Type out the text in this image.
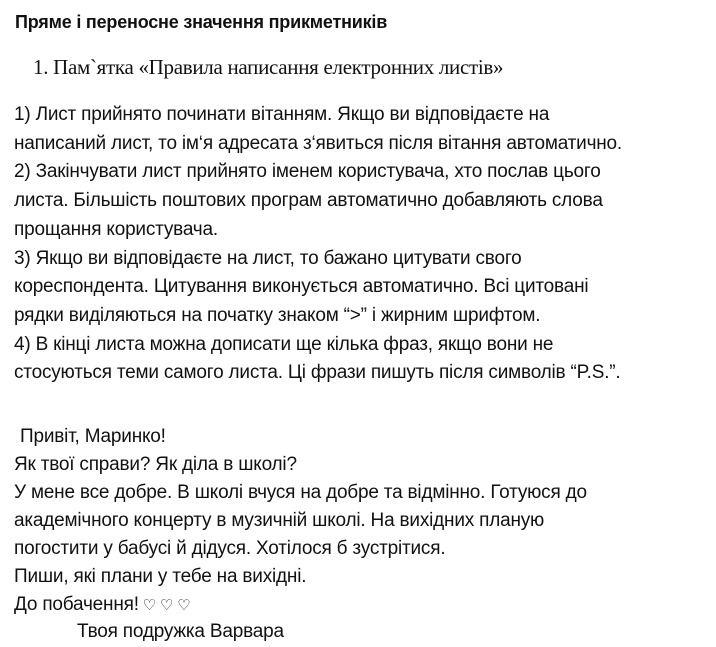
Пряме і переносне значення прикметників
1. Пам`ятка «Правила написання електронних листів»
1) Лист прийнято починати вітанням. Якщо ви відповідаєте на
написаний лист, то ім‘я адресата з‘явиться після вітання автоматично.
2) Закінчувати лист прийнято іменем користувача, хто послав цього
листа. Більшість поштових програм автоматично добавляють слова
прощання користувача.
3) Якщо ви відповідаєте на лист, то бажано цитувати свого
кореспондента. Цитування виконується автоматично. Всі цитовані
рядки виділяються на початку знаком “>” і жирним шрифтом.
4) В кінці листа можна дописати ще кілька фраз, якщо вони не
стосуються теми самого листа. Ці фрази пишуть після символів “P.S.”.
Привіт, Маринко!
Як твої справи? Як діла в школі?
У мене все добре. В школі вчуся на добре та відмінно. Готуюся до
академічного концерту в музичній школі. На вихідних планую
погостити у бабусі й дідуся. Хотілося б зустрітися.
Пиши, які плани у тебе на вихідні.
До побачення! ♡ ♡ ♡
Твоя подружка Варвара
